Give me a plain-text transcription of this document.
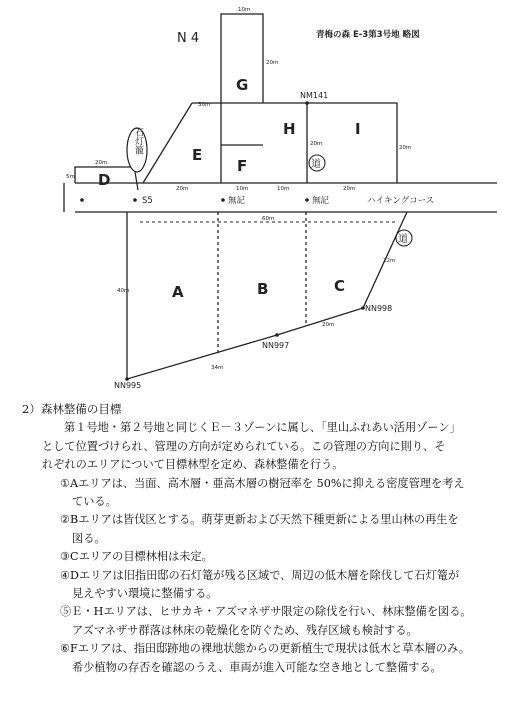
青梅の森 E-3第3号地 略図
N 4
G
E
F
H	I
D
A	B	C
石灯籠
道
道
S5	無記	無記	ハイキングコース
NM141
NN998
NN997
NN995
10m
20m
30m
20m
20m
20m
5m
20m	10m	10m	20m
60m
40m
22m
20m
34m
2）森林整備の目標
第１号地・第２号地と同じくＥ－３ゾーンに属し、「里山ふれあい活用ゾーン」
として位置づけられ、管理の方向が定められている。この管理の方向に則り、そ
れぞれのエリアについて目標林型を定め、森林整備を行う。
①Aエリアは、当面、高木層・亜高木層の樹冠率を 50%に抑える密度管理を考え
ている。
②Bエリアは皆伐区とする。萌芽更新および天然下種更新による里山林の再生を
図る。
③Cエリアの目標林相は未定。
④Dエリアは旧指田邸の石灯篭が残る区域で、周辺の低木層を除伐して石灯篭が
見えやすい環境に整備する。
⑤Ｅ・Hエリアは、ヒサカキ・アズマネザサ限定の除伐を行い、林床整備を図る。
アズマネザサ群落は林床の乾燥化を防ぐため、残存区域も検討する。
⑥Fエリアは、指田邸跡地の裸地状態からの更新植生で現状は低木と草本層のみ。
希少植物の存否を確認のうえ、車両が進入可能な空き地として整備する。
